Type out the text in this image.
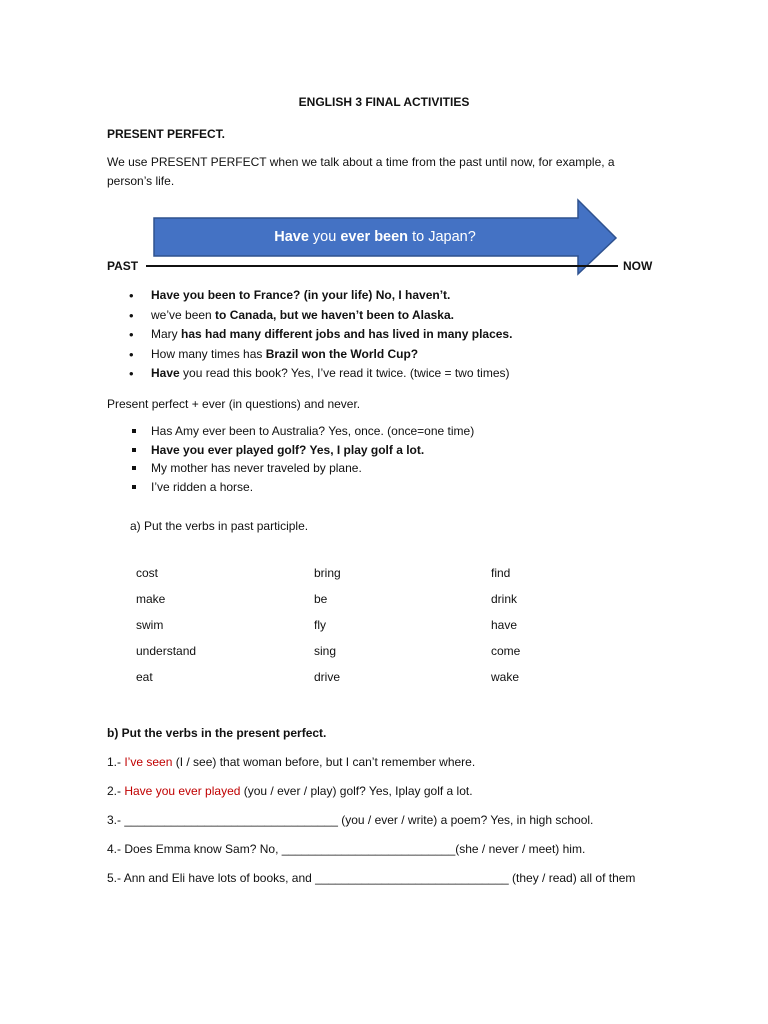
ENGLISH 3 FINAL ACTIVITIES
PRESENT PERFECT.
We use PRESENT PERFECT when we talk about a time from the past until now, for example, a
person’s life.
Have you ever been to Japan?
PAST	NOW
• Have you been to France? (in your life) No, I haven’t.
• we’ve been to Canada, but we haven’t been to Alaska.
• Mary has had many different jobs and has lived in many places.
• How many times has Brazil won the World Cup?
• Have you read this book? Yes, I’ve read it twice. (twice = two times)
Present perfect + ever (in questions) and never.
Has Amy ever been to Australia? Yes, once. (once=one time)
Have you ever played golf? Yes, I play golf a lot.
My mother has never traveled by plane.
I’ve ridden a horse.
a) Put the verbs in past participle.
cost	bring	find
make	be	drink
swim	fly	have
understand	sing	come
eat	drive	wake
b) Put the verbs in the present perfect.
1.- I’ve seen (I / see) that woman before, but I can’t remember where.
2.- Have you ever played (you / ever / play) golf? Yes, Iplay golf a lot.
3.- ________________________________ (you / ever / write) a poem? Yes, in high school.
4.- Does Emma know Sam? No, __________________________(she / never / meet) him.
5.- Ann and Eli have lots of books, and _____________________________ (they / read) all of them
